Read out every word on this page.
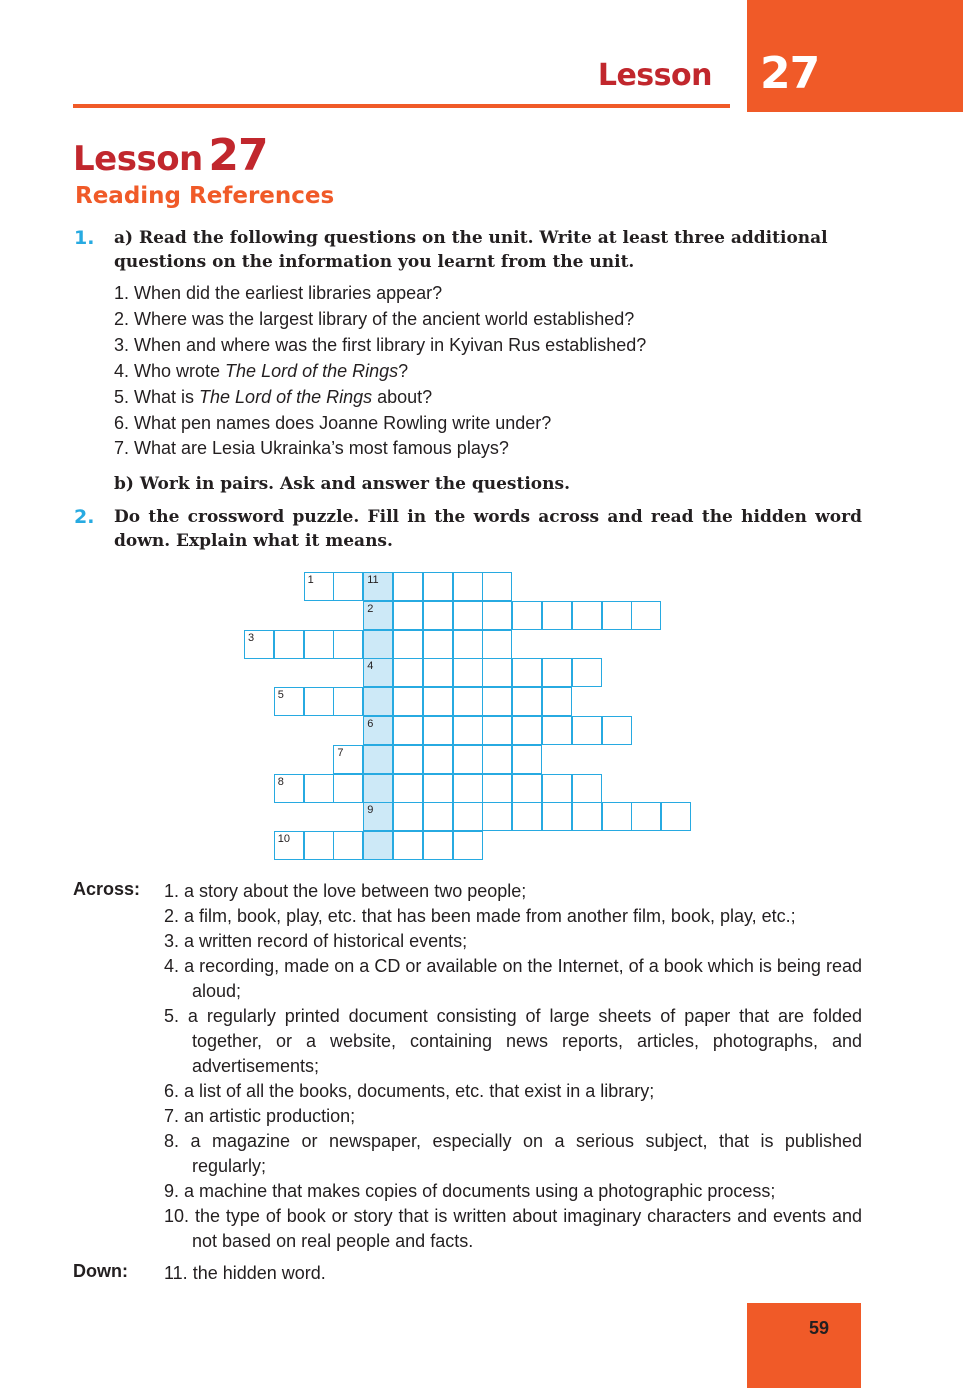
Lesson 27
Lesson 27
Reading References
1. a) Read the following questions on the unit. Write at least three additional questions on the information you learnt from the unit.
1. When did the earliest libraries appear?
2. Where was the largest library of the ancient world established?
3. When and where was the first library in Kyivan Rus established?
4. Who wrote The Lord of the Rings?
5. What is The Lord of the Rings about?
6. What pen names does Joanne Rowling write under?
7. What are Lesia Ukrainka’s most famous plays?
b) Work in pairs. Ask and answer the questions.
2. Do the crossword puzzle. Fill in the words across and read the hidden word down. Explain what it means.
1	11
2
3
4
5
6
7
8
9
10
Across: 1. a story about the love between two people;
2. a film, book, play, etc. that has been made from another film, book, play, etc.;
3. a written record of historical events;
4. a recording, made on a CD or available on the Internet, of a book which is being read aloud;
5. a regularly printed document consisting of large sheets of paper that are folded together, or a website, containing news reports, articles, photographs, and advertisements;
6. a list of all the books, documents, etc. that exist in a library;
7. an artistic production;
8. a magazine or newspaper, especially on a serious subject, that is published regularly;
9. a machine that makes copies of documents using a photographic process;
10. the type of book or story that is written about imaginary characters and events and not based on real people and facts.
Down: 11. the hidden word.
59
